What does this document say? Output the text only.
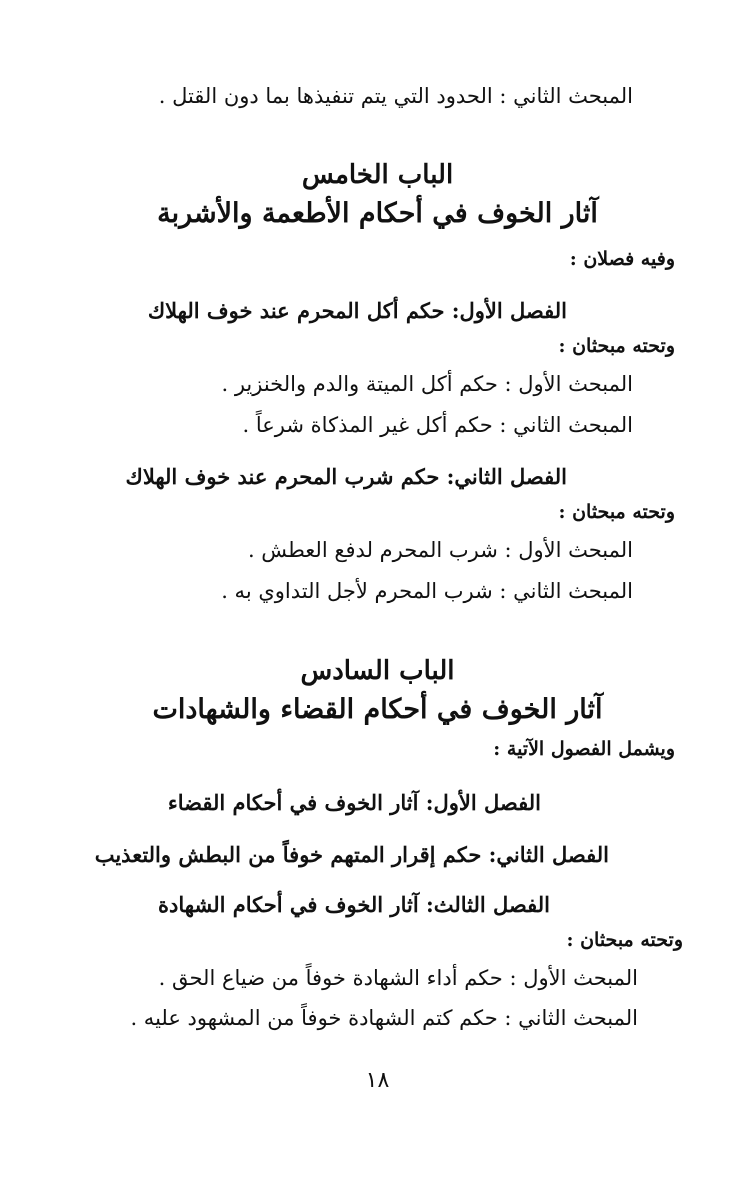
المبحث الثاني : الحدود التي يتم تنفيذها بما دون القتل .
الباب الخامس
آثار الخوف في أحكام الأطعمة والأشربة
وفيه فصلان :
الفصل الأول: حكم أكل المحرم عند خوف الهلاك
وتحته مبحثان :
المبحث الأول : حكم أكل الميتة والدم والخنزير .
المبحث الثاني : حكم أكل غير المذكاة شرعاً .
الفصل الثاني: حكم شرب المحرم عند خوف الهلاك
وتحته مبحثان :
المبحث الأول : شرب المحرم لدفع العطش .
المبحث الثاني : شرب المحرم لأجل التداوي به .
الباب السادس
آثار الخوف في أحكام القضاء والشهادات
ويشمل الفصول الآتية :
الفصل الأول: آثار الخوف في أحكام القضاء
الفصل الثاني: حكم إقرار المتهم خوفاً من البطش والتعذيب
الفصل الثالث: آثار الخوف في أحكام الشهادة
وتحته مبحثان :
المبحث الأول : حكم أداء الشهادة خوفاً من ضياع الحق .
المبحث الثاني : حكم كتم الشهادة خوفاً من المشهود عليه .
١٨
